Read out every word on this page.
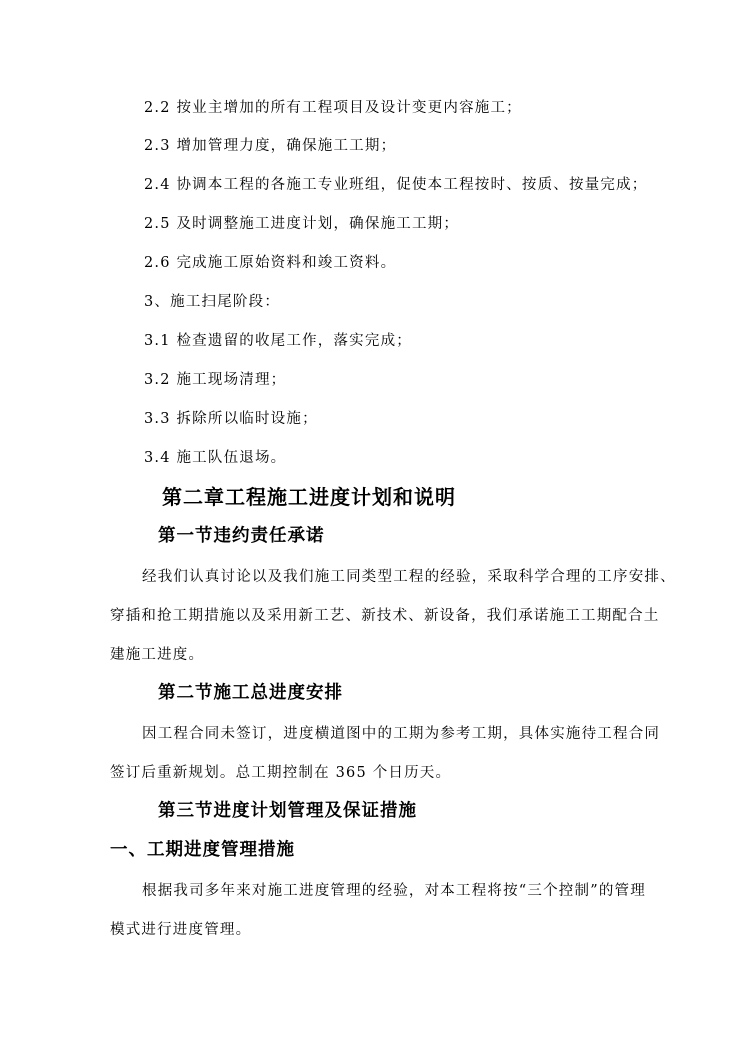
2.2 按业主增加的所有工程项目及设计变更内容施工；
2.3 增加管理力度，确保施工工期；
2.4 协调本工程的各施工专业班组，促使本工程按时、按质、按量完成；
2.5 及时调整施工进度计划，确保施工工期；
2.6 完成施工原始资料和竣工资料。
3、施工扫尾阶段：
3.1 检查遗留的收尾工作，落实完成；
3.2 施工现场清理；
3.3 拆除所以临时设施；
3.4 施工队伍退场。
第二章工程施工进度计划和说明
第一节违约责任承诺
经我们认真讨论以及我们施工同类型工程的经验，采取科学合理的工序安排、
穿插和抢工期措施以及采用新工艺、新技术、新设备，我们承诺施工工期配合土
建施工进度。
第二节施工总进度安排
因工程合同未签订，进度横道图中的工期为参考工期，具体实施待工程合同
签订后重新规划。总工期控制在 365 个日历天。
第三节进度计划管理及保证措施
一、工期进度管理措施
根据我司多年来对施工进度管理的经验，对本工程将按“三个控制”的管理
模式进行进度管理。
